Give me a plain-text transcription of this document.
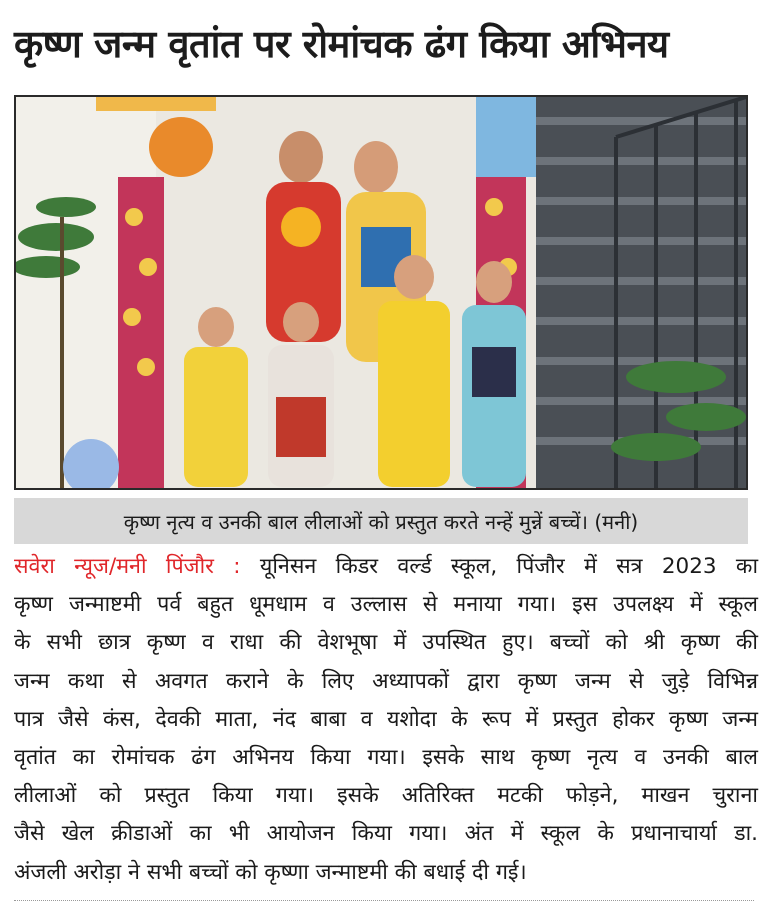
कृष्ण जन्म वृतांत पर रोमांचक ढंग किया अभिनय
कृष्ण नृत्य व उनकी बाल लीलाओं को प्रस्तुत करते नन्हें मुन्नें बच्चें। (मनी)
सवेरा न्यूज/मनी पिंजौर : यूनिसन किडर वर्ल्ड स्कूल, पिंजौर में सत्र 2023 का
कृष्ण जन्माष्टमी पर्व बहुत धूमधाम व उल्लास से मनाया गया। इस उपलक्ष्य में स्कूल
के सभी छात्र कृष्ण व राधा की वेशभूषा में उपस्थित हुए। बच्चों को श्री कृष्ण की
जन्म कथा से अवगत कराने के लिए अध्यापकों द्वारा कृष्ण जन्म से जुड़े विभिन्न
पात्र जैसे कंस, देवकी माता, नंद बाबा व यशोदा के रूप में प्रस्तुत होकर कृष्ण जन्म
वृतांत का रोमांचक ढंग अभिनय किया गया। इसके साथ कृष्ण नृत्य व उनकी बाल
लीलाओं को प्रस्तुत किया गया। इसके अतिरिक्त मटकी फोड़ने, माखन चुराना
जैसे खेल क्रीडाओं का भी आयोजन किया गया। अंत में स्कूल के प्रधानाचार्या डा.
अंजली अरोड़ा ने सभी बच्चों को कृष्णा जन्माष्टमी की बधाई दी गई।
